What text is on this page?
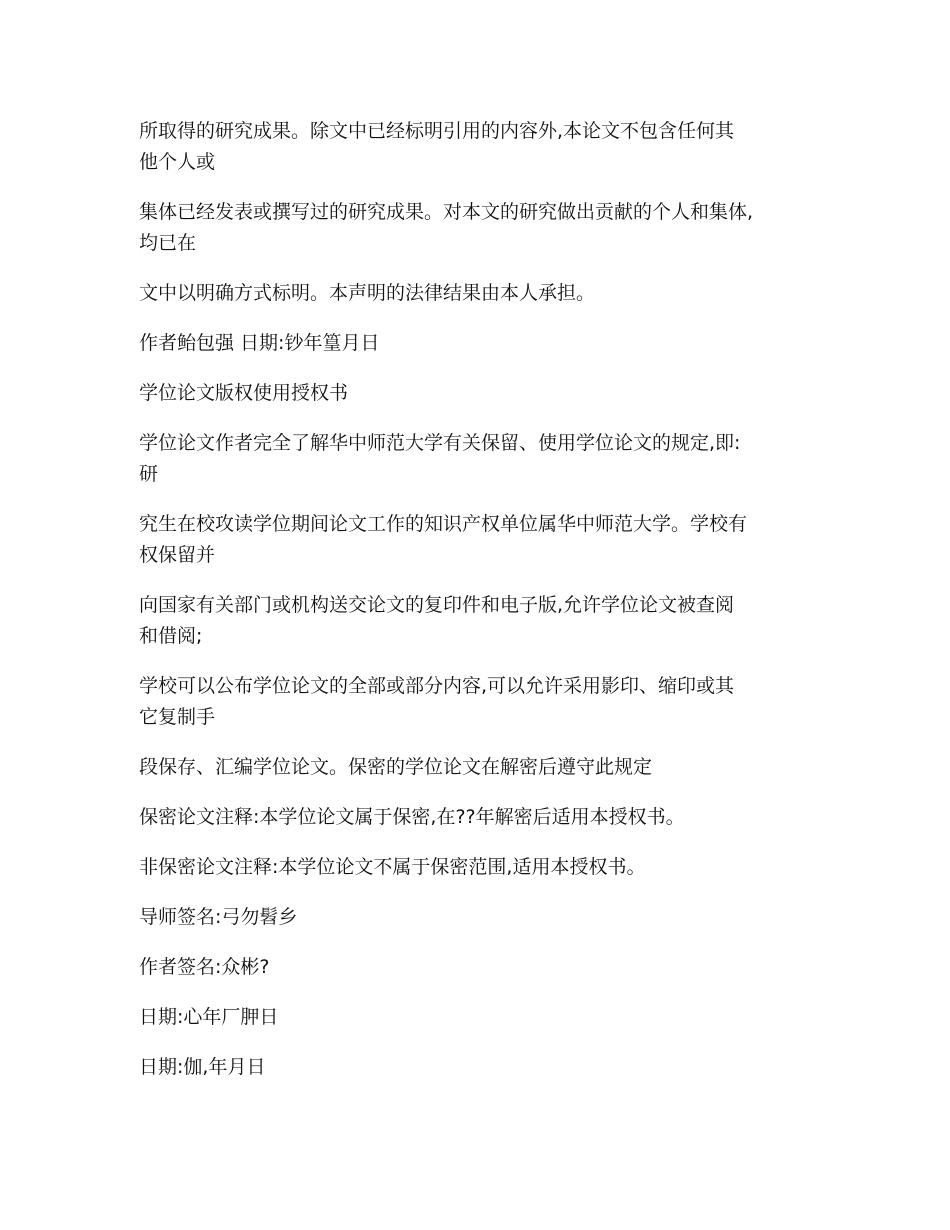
所取得的研究成果。除文中已经标明引用的内容外,本论文不包含任何其
他个人或

集体已经发表或撰写过的研究成果。对本文的研究做出贡献的个人和集体,
均已在

文中以明确方式标明。本声明的法律结果由本人承担。

作者鲐包强 日期:钞年篁月日

学位论文版权使用授权书

学位论文作者完全了解华中师范大学有关保留、使用学位论文的规定,即:
研

究生在校攻读学位期间论文工作的知识产权单位属华中师范大学。学校有
权保留并

向国家有关部门或机构送交论文的复印件和电子版,允许学位论文被查阅
和借阅;

学校可以公布学位论文的全部或部分内容,可以允许采用影印、缩印或其
它复制手

段保存、汇编学位论文。保密的学位论文在解密后遵守此规定

保密论文注释:本学位论文属于保密,在??年解密后适用本授权书。

非保密论文注释:本学位论文不属于保密范围,适用本授权书。

导师签名:弓勿髫乡

作者签名:众彬?

日期:心年厂胛日

日期:伽,年月日
